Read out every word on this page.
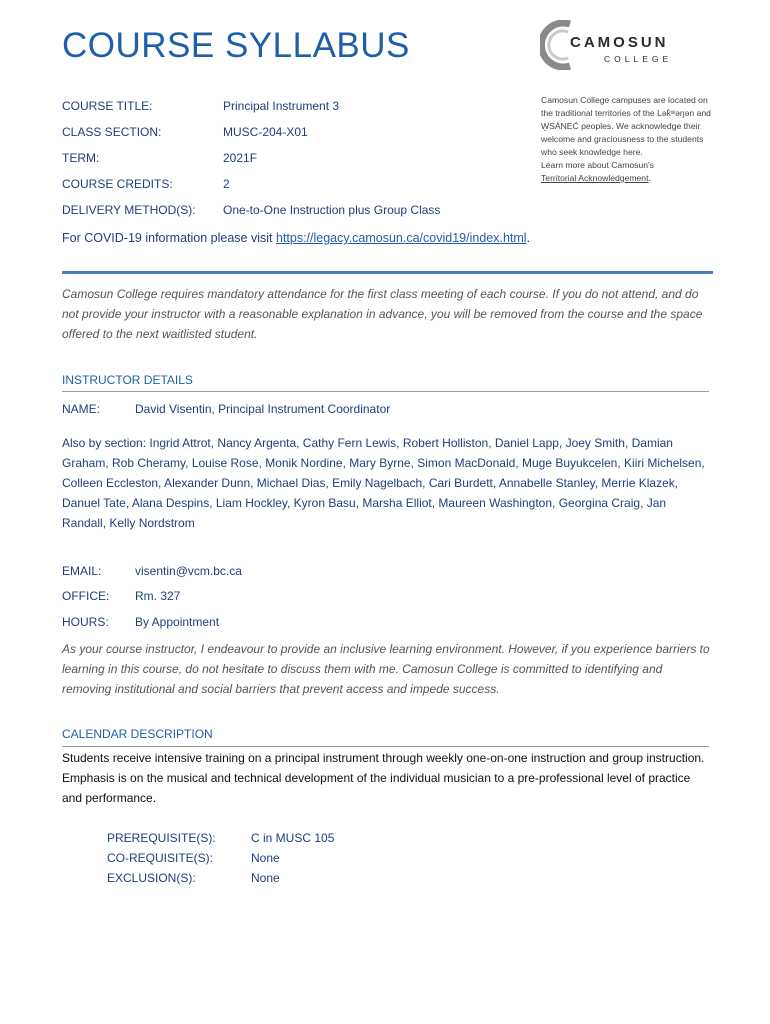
COURSE SYLLABUS	CAMOSUN
COLLEGE
COURSE TITLE:	Principal Instrument 3
CLASS SECTION:	MUSC-204-X01
TERM:	2021F
COURSE CREDITS:	2
DELIVERY METHOD(S):	One-to-One Instruction plus Group Class
Camosun College campuses are located on the traditional territories of the Lək̓ʷəŋən and W̱SÁNEĆ peoples. We acknowledge their welcome and graciousness to the students who seek knowledge here.
Learn more about Camosun's
Territorial Acknowledgement.
For COVID-19 information please visit https://legacy.camosun.ca/covid19/index.html.

Camosun College requires mandatory attendance for the first class meeting of each course. If you do not attend, and do not provide your instructor with a reasonable explanation in advance, you will be removed from the course and the space offered to the next waitlisted student.

INSTRUCTOR DETAILS
NAME:	David Visentin, Principal Instrument Coordinator

Also by section: Ingrid Attrot, Nancy Argenta, Cathy Fern Lewis, Robert Holliston, Daniel Lapp, Joey Smith, Damian Graham, Rob Cheramy, Louise Rose, Monik Nordine, Mary Byrne, Simon MacDonald, Muge Buyukcelen, Kiiri Michelsen, Colleen Eccleston, Alexander Dunn, Michael Dias, Emily Nagelbach, Cari Burdett, Annabelle Stanley, Merrie Klazek, Danuel Tate, Alana Despins, Liam Hockley, Kyron Basu, Marsha Elliot, Maureen Washington, Georgina Craig, Jan Randall, Kelly Nordstrom

EMAIL:	visentin@vcm.bc.ca
OFFICE:	Rm. 327
HOURS:	By Appointment

As your course instructor, I endeavour to provide an inclusive learning environment. However, if you experience barriers to learning in this course, do not hesitate to discuss them with me. Camosun College is committed to identifying and removing institutional and social barriers that prevent access and impede success.

CALENDAR DESCRIPTION

Students receive intensive training on a principal instrument through weekly one-on-one instruction and group instruction. Emphasis is on the musical and technical development of the individual musician to a pre-professional level of practice and performance.

PREREQUISITE(S):	C in MUSC 105
CO-REQUISITE(S):	None
EXCLUSION(S):	None
